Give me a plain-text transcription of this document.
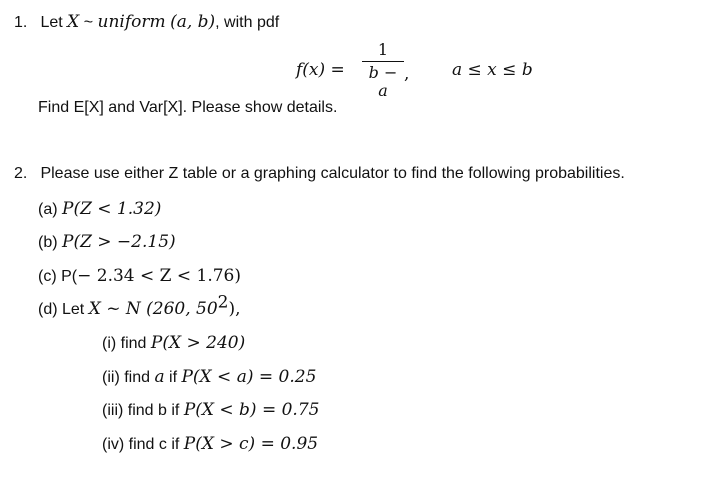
1. Let X ~ uniform (a, b), with pdf
f(x) =
1
b − a
,	a ≤ x ≤ b
Find E[X] and Var[X]. Please show details.
2. Please use either Z table or a graphing calculator to find the following probabilities.
(a) P(Z < 1.32)
(b) P(Z > −2.15)
(c) P(− 2.34 < Z < 1.76)
(d) Let X ~ N (260, $50^2$),
(i) find P(X > 240)
(ii) find a if P(X < a) = 0.25
(iii) find b if P(X < b) = 0.75
(iv) find c if P(X > c) = 0.95
